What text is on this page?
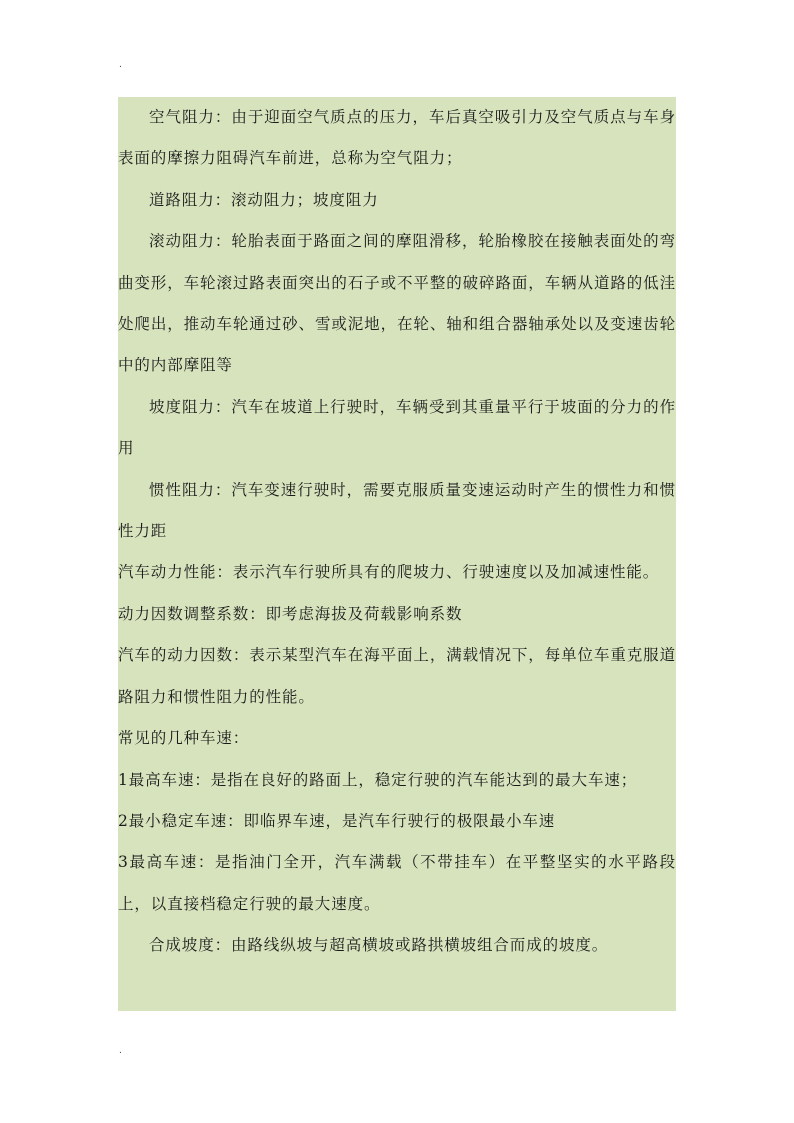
.

空气阻力：由于迎面空气质点的压力，车后真空吸引力及空气质点与车身表面的摩擦力阻碍汽车前进，总称为空气阻力；

道路阻力：滚动阻力；坡度阻力

滚动阻力：轮胎表面于路面之间的摩阻滑移，轮胎橡胶在接触表面处的弯曲变形，车轮滚过路表面突出的石子或不平整的破碎路面，车辆从道路的低洼处爬出，推动车轮通过砂、雪或泥地，在轮、轴和组合器轴承处以及变速齿轮中的内部摩阻等

坡度阻力：汽车在坡道上行驶时，车辆受到其重量平行于坡面的分力的作用

惯性阻力：汽车变速行驶时，需要克服质量变速运动时产生的惯性力和惯性力距

汽车动力性能：表示汽车行驶所具有的爬坡力、行驶速度以及加减速性能。

动力因数调整系数：即考虑海拔及荷载影响系数

汽车的动力因数：表示某型汽车在海平面上，满载情况下，每单位车重克服道路阻力和惯性阻力的性能。

常见的几种车速：

1最高车速：是指在良好的路面上，稳定行驶的汽车能达到的最大车速；

2最小稳定车速：即临界车速，是汽车行驶行的极限最小车速

3最高车速：是指油门全开，汽车满载（不带挂车）在平整坚实的水平路段上，以直接档稳定行驶的最大速度。

合成坡度：由路线纵坡与超高横坡或路拱横坡组合而成的坡度。

.
